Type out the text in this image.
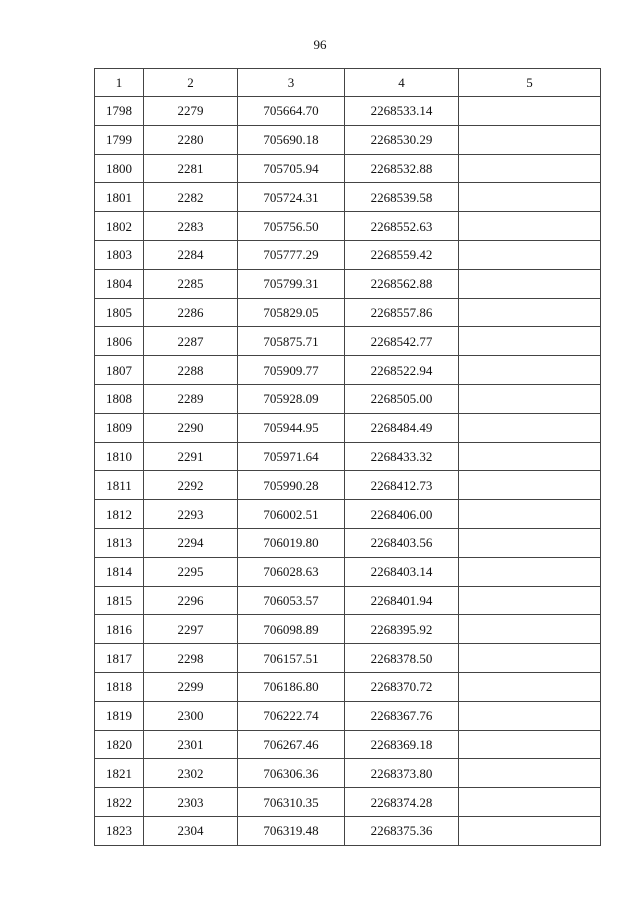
96
1	2	3	4	5
1798	2279	705664.70	2268533.14	
1799	2280	705690.18	2268530.29	
1800	2281	705705.94	2268532.88	
1801	2282	705724.31	2268539.58	
1802	2283	705756.50	2268552.63	
1803	2284	705777.29	2268559.42	
1804	2285	705799.31	2268562.88	
1805	2286	705829.05	2268557.86	
1806	2287	705875.71	2268542.77	
1807	2288	705909.77	2268522.94	
1808	2289	705928.09	2268505.00	
1809	2290	705944.95	2268484.49	
1810	2291	705971.64	2268433.32	
1811	2292	705990.28	2268412.73	
1812	2293	706002.51	2268406.00	
1813	2294	706019.80	2268403.56	
1814	2295	706028.63	2268403.14	
1815	2296	706053.57	2268401.94	
1816	2297	706098.89	2268395.92	
1817	2298	706157.51	2268378.50	
1818	2299	706186.80	2268370.72	
1819	2300	706222.74	2268367.76	
1820	2301	706267.46	2268369.18	
1821	2302	706306.36	2268373.80	
1822	2303	706310.35	2268374.28	
1823	2304	706319.48	2268375.36	
